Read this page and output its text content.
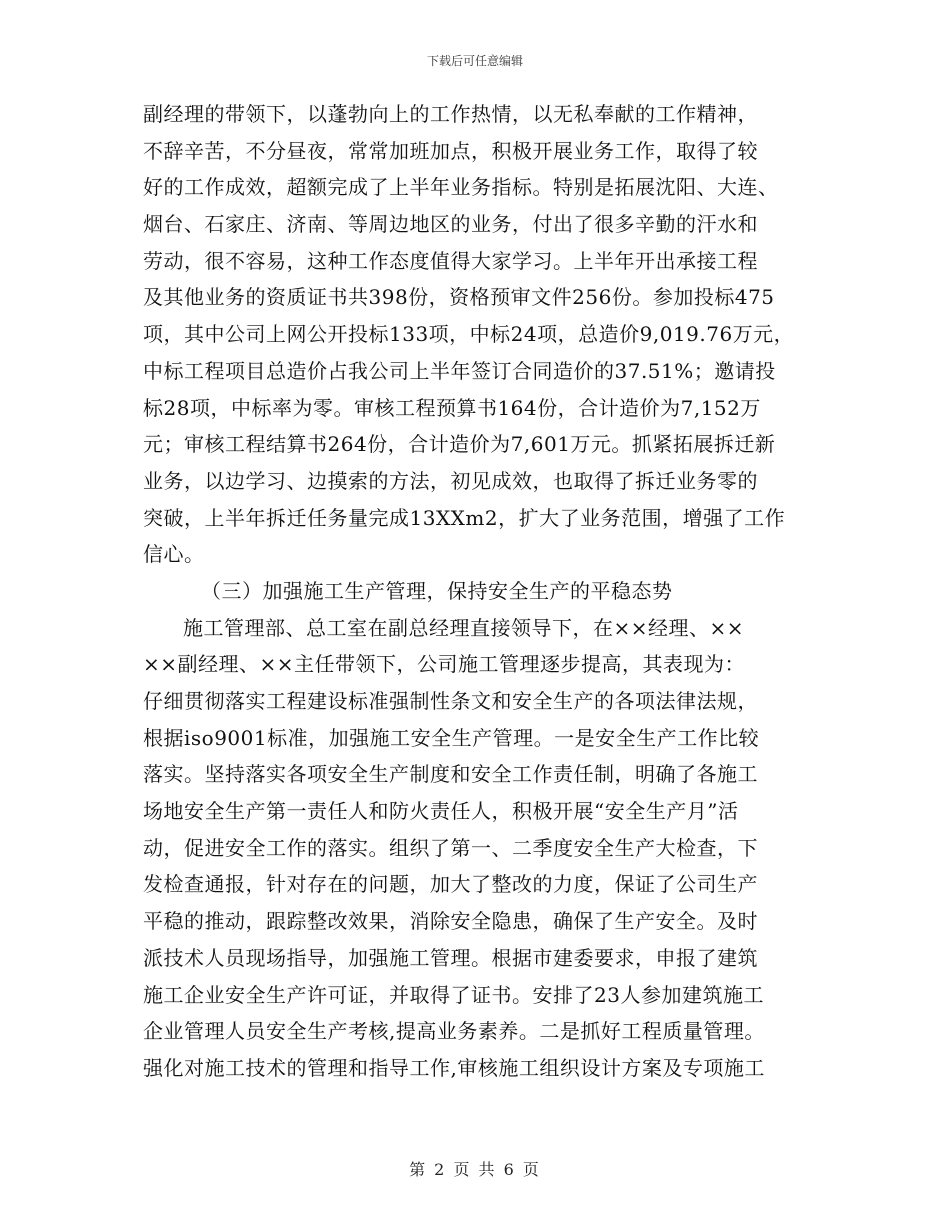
下载后可任意编辑
副经理的带领下，以蓬勃向上的工作热情，以无私奉献的工作精神，
不辞辛苦，不分昼夜，常常加班加点，积极开展业务工作，取得了较
好的工作成效，超额完成了上半年业务指标。特别是拓展沈阳、大连、
烟台、石家庄、济南、等周边地区的业务，付出了很多辛勤的汗水和
劳动，很不容易，这种工作态度值得大家学习。上半年开出承接工程
及其他业务的资质证书共398份，资格预审文件256份。参加投标475
项，其中公司上网公开投标133项，中标24项，总造价9,019.76万元，
中标工程项目总造价占我公司上半年签订合同造价的37.51%；邀请投
标28项，中标率为零。审核工程预算书164份，合计造价为7,152万
元；审核工程结算书264份，合计造价为7,601万元。抓紧拓展拆迁新
业务，以边学习、边摸索的方法，初见成效，也取得了拆迁业务零的
突破，上半年拆迁任务量完成13XXm2，扩大了业务范围，增强了工作
信心。
（三）加强施工生产管理，保持安全生产的平稳态势
施工管理部、总工室在副总经理直接领导下，在××经理、××
××副经理、××主任带领下，公司施工管理逐步提高，其表现为：
仔细贯彻落实工程建设标准强制性条文和安全生产的各项法律法规，
根据iso9001标准，加强施工安全生产管理。一是安全生产工作比较
落实。坚持落实各项安全生产制度和安全工作责任制，明确了各施工
场地安全生产第一责任人和防火责任人，积极开展“安全生产月”活
动，促进安全工作的落实。组织了第一、二季度安全生产大检查，下
发检查通报，针对存在的问题，加大了整改的力度，保证了公司生产
平稳的推动，跟踪整改效果，消除安全隐患，确保了生产安全。及时
派技术人员现场指导，加强施工管理。根据市建委要求，申报了建筑
施工企业安全生产许可证，并取得了证书。安排了23人参加建筑施工
企业管理人员安全生产考核,提高业务素养。二是抓好工程质量管理。
强化对施工技术的管理和指导工作,审核施工组织设计方案及专项施工
第 2 页 共 6 页
